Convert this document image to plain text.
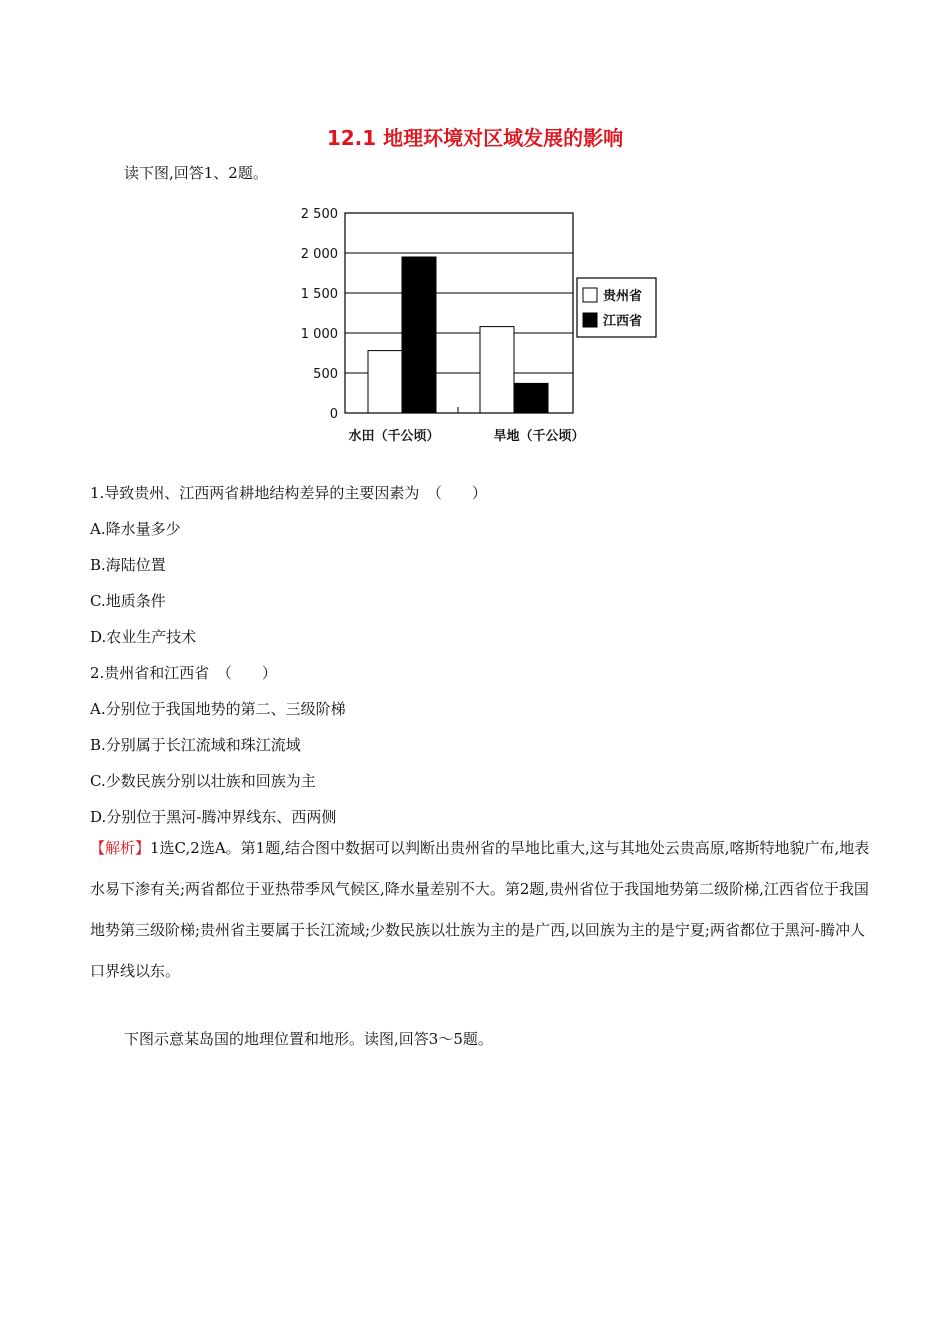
12.1 地理环境对区域发展的影响
读下图,回答1、2题。
2 500
2 000
1 500
1 000
500
0
水田（千公顷）	旱地（千公顷）
贵州省
江西省
1.导致贵州、江西两省耕地结构差异的主要因素为　（　　）
A.降水量多少
B.海陆位置
C.地质条件
D.农业生产技术
2.贵州省和江西省　（　　）
A.分别位于我国地势的第二、三级阶梯
B.分别属于长江流域和珠江流域
C.少数民族分别以壮族和回族为主
D.分别位于黑河-腾冲界线东、西两侧
【解析】1选C,2选A。第1题,结合图中数据可以判断出贵州省的旱地比重大,这与其地处云贵高原,喀斯特地貌广布,地表水易下渗有关;两省都位于亚热带季风气候区,降水量差别不大。第2题,贵州省位于我国地势第二级阶梯,江西省位于我国地势第三级阶梯;贵州省主要属于长江流域;少数民族以壮族为主的是广西,以回族为主的是宁夏;两省都位于黑河-腾冲人口界线以东。
下图示意某岛国的地理位置和地形。读图,回答3～5题。
